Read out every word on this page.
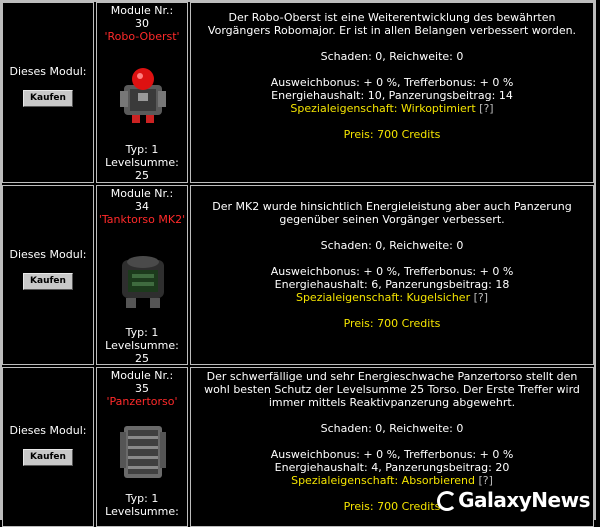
Dieses Modul:
Kaufen
Module Nr.:
30
'Robo-Oberst'
Typ: 1
Levelsumme:
25
Der Robo-Oberst ist eine Weiterentwicklung des bewährten Vorgängers Robomajor. Er ist in allen Belangen verbessert worden.
Schaden: 0, Reichweite: 0
Ausweichbonus: + 0 %, Trefferbonus: + 0 %
Energiehaushalt: 10, Panzerungsbeitrag: 14
Spezialeigenschaft: Wirkoptimiert [?]
Preis: 700 Credits
Dieses Modul:
Kaufen
Module Nr.:
34
'Tanktorso MK2'
Typ: 1
Levelsumme:
25
Der MK2 wurde hinsichtlich Energieleistung aber auch Panzerung gegenüber seinen Vorgänger verbessert.
Schaden: 0, Reichweite: 0
Ausweichbonus: + 0 %, Trefferbonus: + 0 %
Energiehaushalt: 6, Panzerungsbeitrag: 18
Spezialeigenschaft: Kugelsicher [?]
Preis: 700 Credits
Dieses Modul:
Kaufen
Module Nr.:
35
'Panzertorso'
Typ: 1
Levelsumme:
Der schwerfällige und sehr Energieschwache Panzertorso stellt den wohl besten Schutz der Levelsumme 25 Torso. Der Erste Treffer wird immer mittels Reaktivpanzerung abgewehrt.
Schaden: 0, Reichweite: 0
Ausweichbonus: + 0 %, Trefferbonus: + 0 %
Energiehaushalt: 4, Panzerungsbeitrag: 20
Spezialeigenschaft: Absorbierend [?]
Preis: 700 Credits GalaxyNews
